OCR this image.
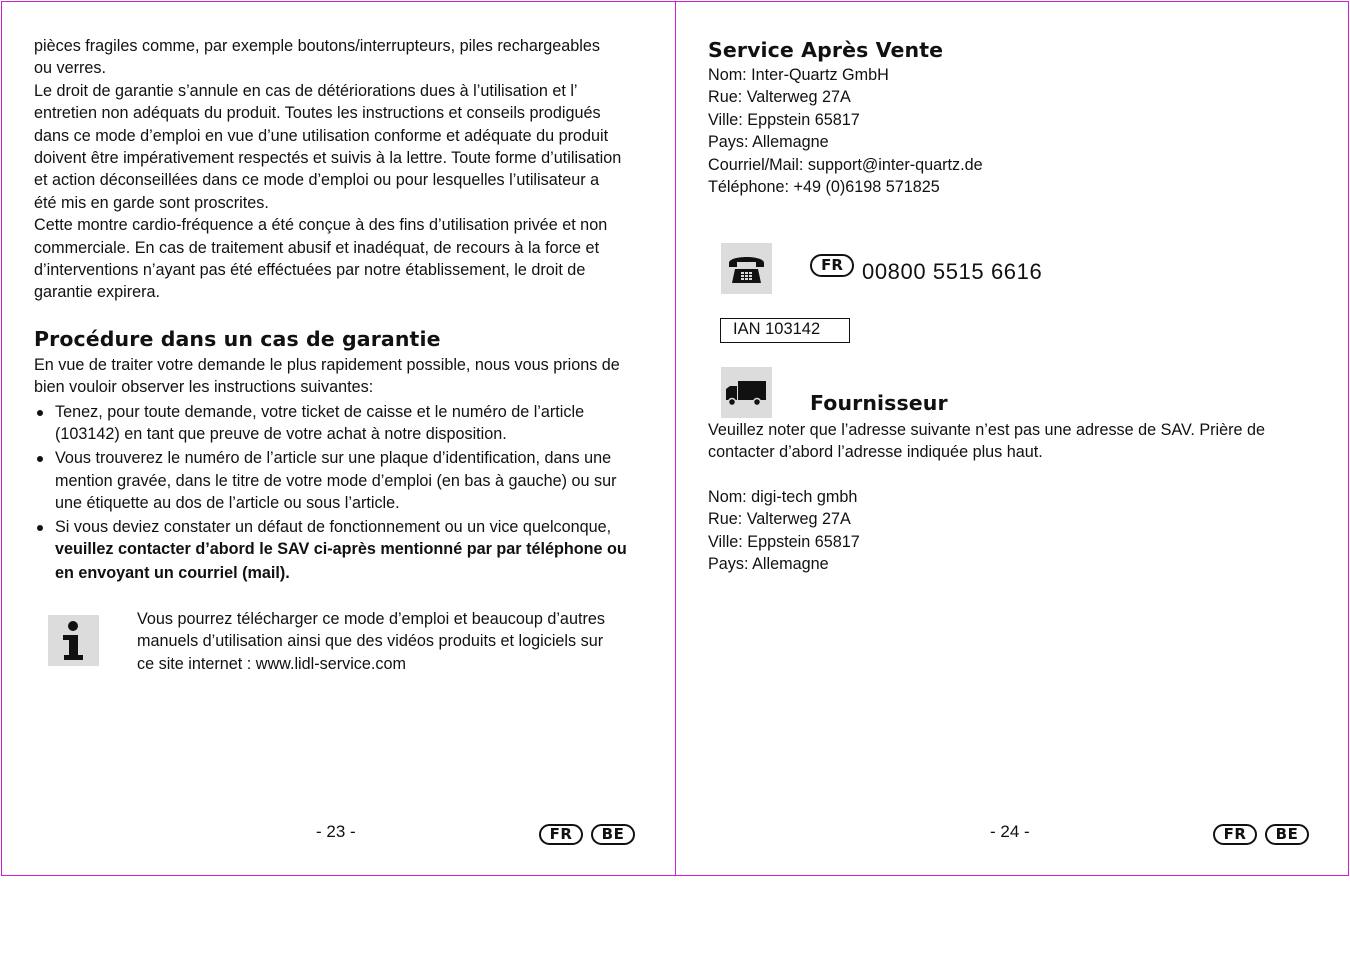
pièces fragiles comme, par exemple boutons/interrupteurs, piles rechargeables

ou verres.

Le droit de garantie s’annule en cas de détériorations dues à l’utilisation et l’

entretien non adéquats du produit. Toutes les instructions et conseils prodigués

dans ce mode d’emploi en vue d’une utilisation conforme et adéquate du produit

doivent être impérativement respectés et suivis à la lettre. Toute forme d’utilisation

et action déconseillées dans ce mode d’emploi ou pour lesquelles l’utilisateur a

été mis en garde sont proscrites.

Cette montre cardio-fréquence a été conçue à des fins d’utilisation privée et non

commerciale. En cas de traitement abusif et inadéquat, de recours à la force et

d’interventions n’ayant pas été efféctuées par notre établissement, le droit de

garantie expirera.

Procédure dans un cas de garantie

En vue de traiter votre demande le plus rapidement possible, nous vous prions de

bien vouloir observer les instructions suivantes:

Tenez, pour toute demande, votre ticket de caisse et le numéro de l’article
(103142) en tant que preuve de votre achat à notre disposition.
Vous trouverez le numéro de l’article sur une plaque d’identification, dans une
mention gravée, dans le titre de votre mode d’emploi (en bas à gauche) ou sur
une étiquette au dos de l’article ou sous l’article.
Si vous deviez constater un défaut de fonctionnement ou un vice quelconque,
veuillez contacter d’abord le SAV ci-après mentionné par par téléphone ou
en envoyant un courriel (mail).

Vous pourrez télécharger ce mode d’emploi et beaucoup d’autres

manuels d’utilisation ainsi que des vidéos produits et logiciels sur

ce site internet : www.lidl-service.com

- 23 -	FR	BE
Service Après Vente

Nom: Inter-Quartz GmbH

Rue: Valterweg 27A

Ville: Eppstein 65817

Pays: Allemagne

Courriel/Mail: support@inter-quartz.de

Téléphone: +49 (0)6198 571825

FR 00800 5515 6616
IAN 103142
Fournisseur

Veuillez noter que l’adresse suivante n’est pas une adresse de SAV. Prière de

contacter d’abord l’adresse indiquée plus haut.

Nom: digi-tech gmbh

Rue: Valterweg 27A

Ville: Eppstein 65817

Pays: Allemagne

- 24 -	FR	BE
